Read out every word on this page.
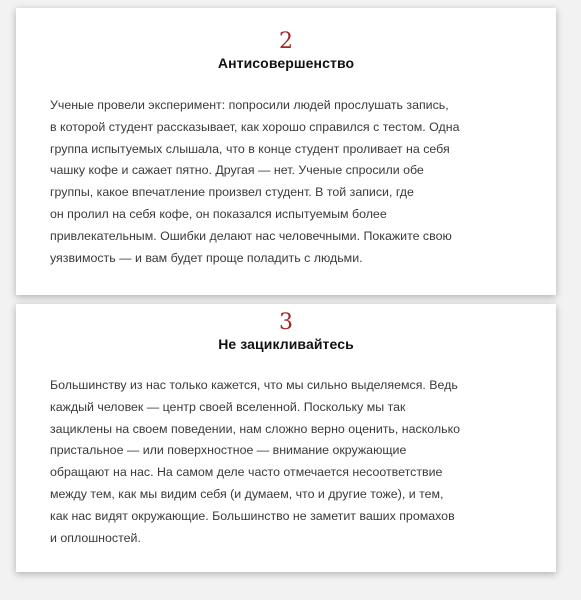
2
Антисовершенство
Ученые провели эксперимент: попросили людей прослушать запись,
в которой студент рассказывает, как хорошо справился с тестом. Одна
группа испытуемых слышала, что в конце студент проливает на себя
чашку кофе и сажает пятно. Другая — нет. Ученые спросили обе
группы, какое впечатление произвел студент. В той записи, где
он пролил на себя кофе, он показался испытуемым более
привлекательным. Ошибки делают нас человечными. Покажите свою
уязвимость — и вам будет проще поладить с людьми.
3
Не зацикливайтесь
Большинству из нас только кажется, что мы сильно выделяемся. Ведь
каждый человек — центр своей вселенной. Поскольку мы так
зациклены на своем поведении, нам сложно верно оценить, насколько
пристальное — или поверхностное — внимание окружающие
обращают на нас. На самом деле часто отмечается несоответствие
между тем, как мы видим себя (и думаем, что и другие тоже), и тем,
как нас видят окружающие. Большинство не заметит ваших промахов
и оплошностей.
